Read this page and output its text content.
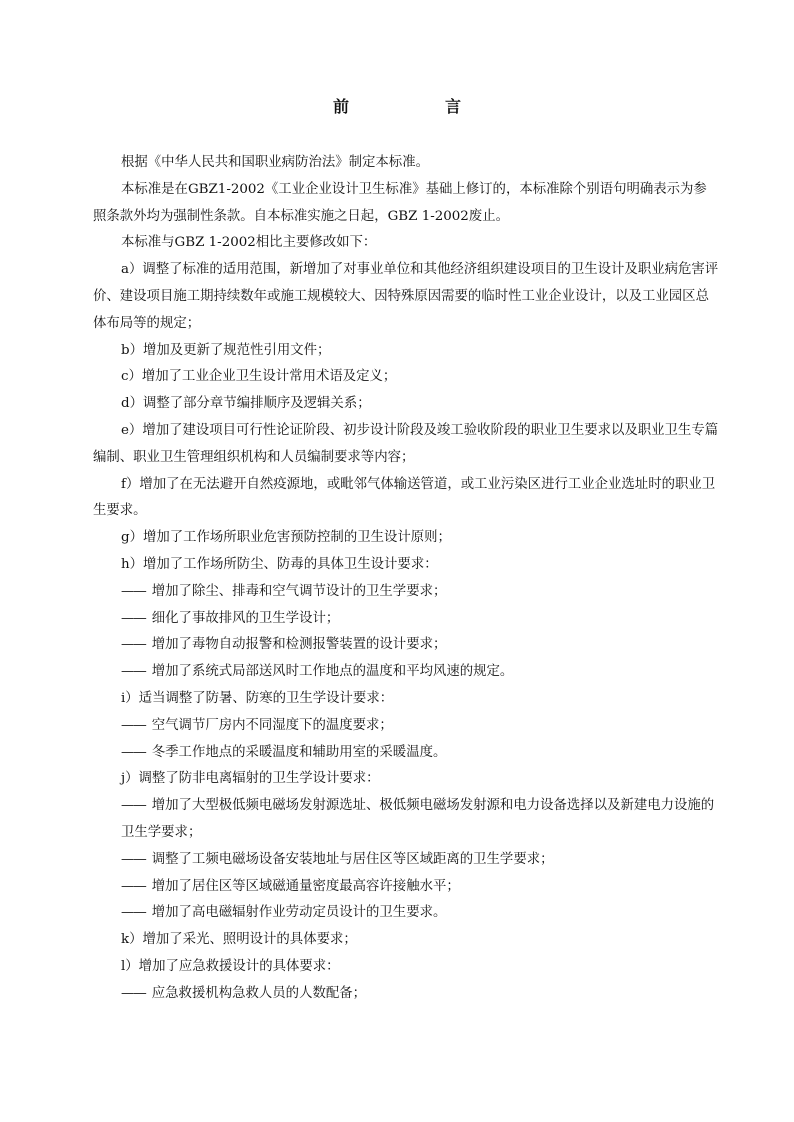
前　言

根据《中华人民共和国职业病防治法》制定本标准。

本标准是在GBZ1-2002《工业企业设计卫生标准》基础上修订的，本标准除个别语句明确表示为参照条款外均为强制性条款。自本标准实施之日起，GBZ 1-2002废止。

本标准与GBZ 1-2002相比主要修改如下：

a）调整了标准的适用范围，新增加了对事业单位和其他经济组织建设项目的卫生设计及职业病危害评价、建设项目施工期持续数年或施工规模较大、因特殊原因需要的临时性工业企业设计，以及工业园区总体布局等的规定；

b）增加及更新了规范性引用文件；

c）增加了工业企业卫生设计常用术语及定义；

d）调整了部分章节编排顺序及逻辑关系；

e）增加了建设项目可行性论证阶段、初步设计阶段及竣工验收阶段的职业卫生要求以及职业卫生专篇编制、职业卫生管理组织机构和人员编制要求等内容；

f）增加了在无法避开自然疫源地，或毗邻气体输送管道，或工业污染区进行工业企业选址时的职业卫生要求。

g）增加了工作场所职业危害预防控制的卫生设计原则；

h）增加了工作场所防尘、防毒的具体卫生设计要求：

—— 增加了除尘、排毒和空气调节设计的卫生学要求；

—— 细化了事故排风的卫生学设计；

—— 增加了毒物自动报警和检测报警装置的设计要求；

—— 增加了系统式局部送风时工作地点的温度和平均风速的规定。

i）适当调整了防暑、防寒的卫生学设计要求：

—— 空气调节厂房内不同湿度下的温度要求；

—— 冬季工作地点的采暖温度和辅助用室的采暖温度。

j）调整了防非电离辐射的卫生学设计要求：

—— 增加了大型极低频电磁场发射源选址、极低频电磁场发射源和电力设备选择以及新建电力设施的卫生学要求；

—— 调整了工频电磁场设备安装地址与居住区等区域距离的卫生学要求；

—— 增加了居住区等区域磁通量密度最高容许接触水平；

—— 增加了高电磁辐射作业劳动定员设计的卫生要求。

k）增加了采光、照明设计的具体要求；

l）增加了应急救援设计的具体要求：

—— 应急救援机构急救人员的人数配备；
